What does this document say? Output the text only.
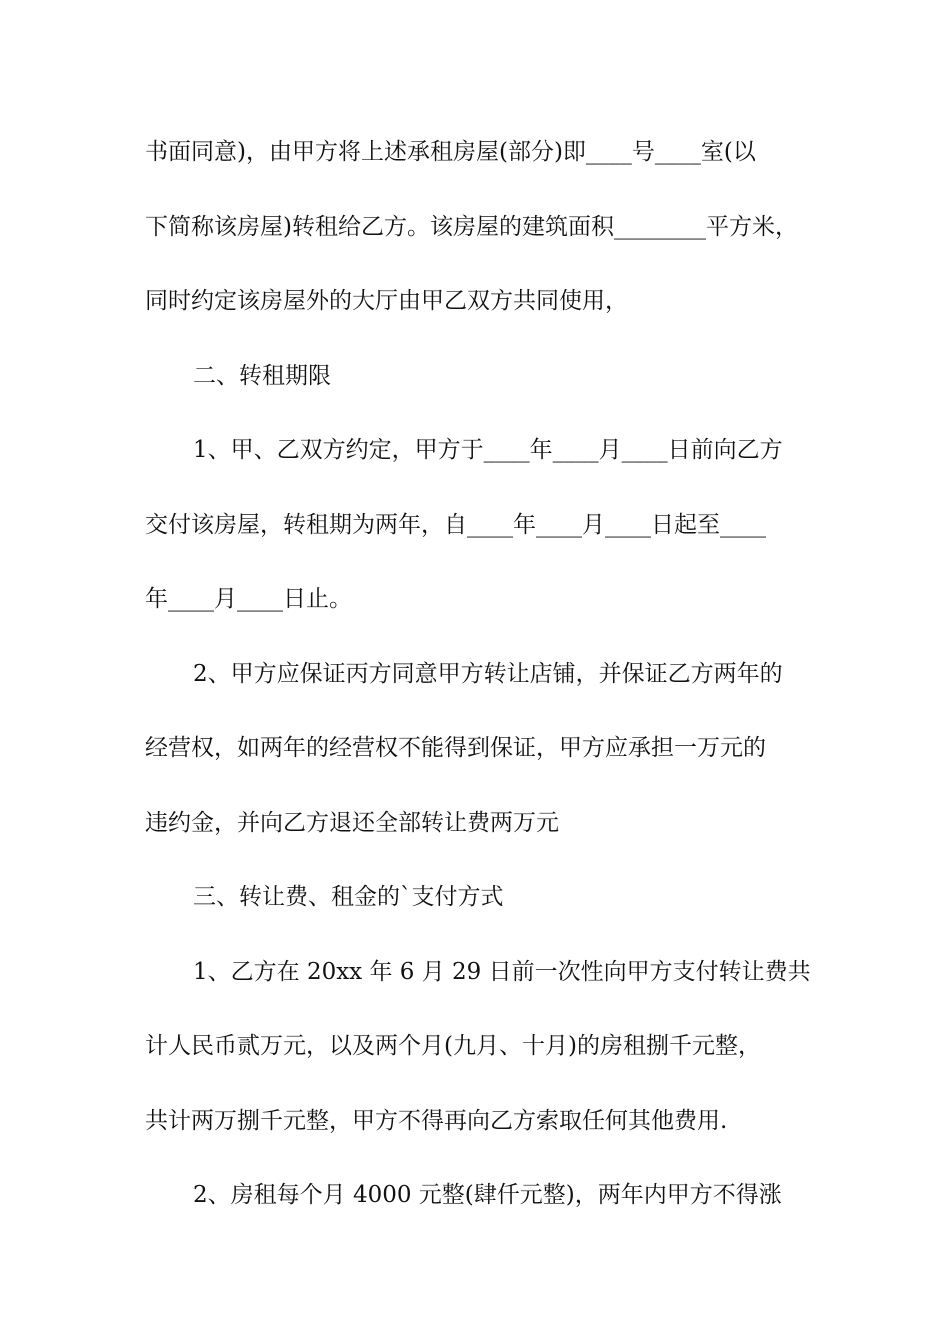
书面同意)，由甲方将上述承租房屋(部分)即____号____室(以
下简称该房屋)转租给乙方。该房屋的建筑面积________平方米，
同时约定该房屋外的大厅由甲乙双方共同使用，
二、转租期限
1、甲、乙双方约定，甲方于____年____月____日前向乙方
交付该房屋，转租期为两年，自____年____月____日起至____
年____月____日止。
2、甲方应保证丙方同意甲方转让店铺，并保证乙方两年的
经营权，如两年的经营权不能得到保证，甲方应承担一万元的
违约金，并向乙方退还全部转让费两万元
三、转让费、租金的`支付方式
1、乙方在 20xx 年 6 月 29 日前一次性向甲方支付转让费共
计人民币贰万元，以及两个月(九月、十月)的房租捌千元整，
共计两万捌千元整，甲方不得再向乙方索取任何其他费用.
2、房租每个月 4000 元整(肆仟元整)，两年内甲方不得涨
